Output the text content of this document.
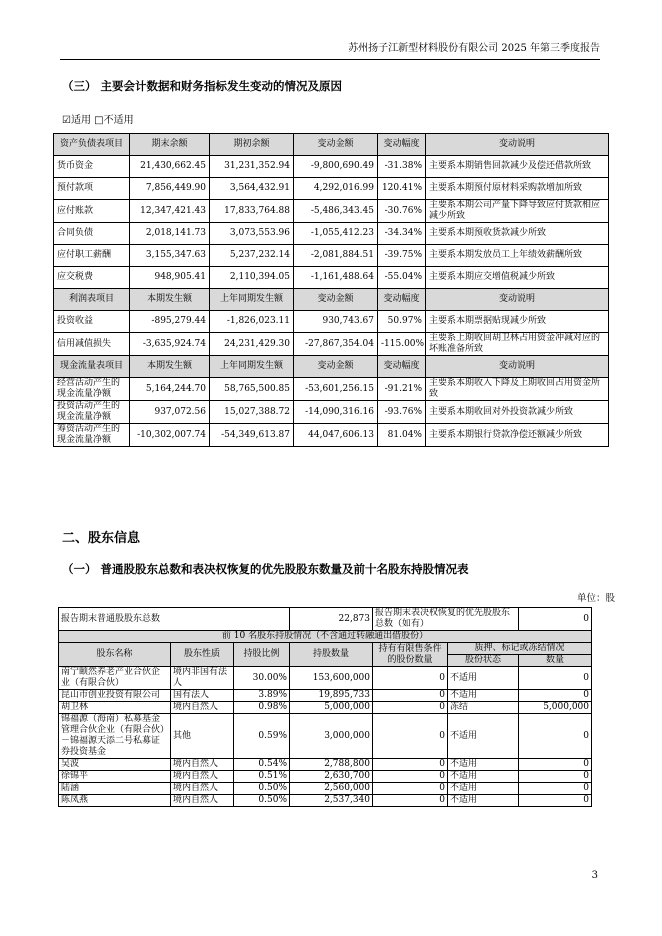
苏州扬子江新型材料股份有限公司 2025 年第三季度报告
（三） 主要会计数据和财务指标发生变动的情况及原因
☑适用 □不适用
资产负债表项目	期末余额	期初余额	变动金额	变动幅度	变动说明
货币资金	21,430,662.45	31,231,352.94	-9,800,690.49	-31.38%	主要系本期销售回款减少及偿还借款所致
预付款项	7,856,449.90	3,564,432.91	4,292,016.99	120.41%	主要系本期预付原材料采购款增加所致
应付账款	12,347,421.43	17,833,764.88	-5,486,343.45	-30.76%	主要系本期公司产量下降导致应付货款相应减少所致
合同负债	2,018,141.73	3,073,553.96	-1,055,412.23	-34.34%	主要系本期预收货款减少所致
应付职工薪酬	3,155,347.63	5,237,232.14	-2,081,884.51	-39.75%	主要系本期发放员工上年绩效薪酬所致
应交税费	948,905.41	2,110,394.05	-1,161,488.64	-55.04%	主要系本期应交增值税减少所致
利润表项目	本期发生额	上年同期发生额	变动金额	变动幅度	变动说明
投资收益	-895,279.44	-1,826,023.11	930,743.67	50.97%	主要系本期票据贴现减少所致
信用减值损失	-3,635,924.74	24,231,429.30	-27,867,354.04	-115.00%	主要系上期收回胡卫林占用资金冲减对应的坏账准备所致
现金流量表项目	本期发生额	上年同期发生额	变动金额	变动幅度	变动说明
经营活动产生的现金流量净额	5,164,244.70	58,765,500.85	-53,601,256.15	-91.21%	主要系本期收入下降及上期收回占用资金所致
投资活动产生的现金流量净额	937,072.56	15,027,388.72	-14,090,316.16	-93.76%	主要系本期收回对外投资款减少所致
筹资活动产生的现金流量净额	-10,302,007.74	-54,349,613.87	44,047,606.13	81.04%	主要系本期银行贷款净偿还额减少所致
二、股东信息
（一） 普通股股东总数和表决权恢复的优先股股东数量及前十名股东持股情况表
单位：股
报告期末普通股股东总数			22,873	报告期末表决权恢复的优先股股东总数（如有）		0
前 10 名股东持股情况（不含通过转融通出借股份）						
股东名称	股东性质	持股比例	持股数量	持有有限售条件的股份数量	质押、标记或冻结情况	
					股份状态	数量
南宁颐然养老产业合伙企业（有限合伙）	境内非国有法人	30.00%	153,600,000	0	不适用	0
昆山市创业投资有限公司	国有法人	3.89%	19,895,733	0	不适用	0
胡卫林	境内自然人	0.98%	5,000,000	0	冻结	5,000,000
锦福源（海南）私募基金管理合伙企业（有限合伙）－锦福源天添二号私募证券投资基金	其他	0.59%	3,000,000	0	不适用	0
吴波	境内自然人	0.54%	2,788,800	0	不适用	0
徐锦平	境内自然人	0.51%	2,630,700	0	不适用	0
陆涵	境内自然人	0.50%	2,560,000	0	不适用	0
陈凤燕	境内自然人	0.50%	2,537,340	0	不适用	0
3
